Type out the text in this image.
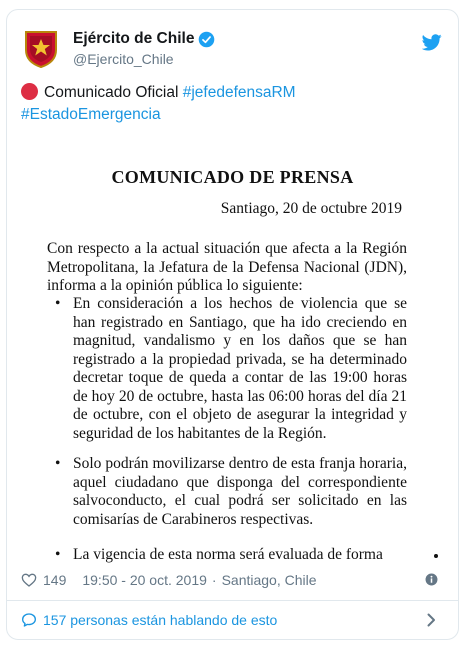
Ejército de Chile
@Ejercito_Chile
Comunicado Oficial #jefedefensaRM
#EstadoEmergencia
COMUNICADO DE PRENSA
Santiago, 20 de octubre 2019
Con respecto a la actual situación que afecta a la Región Metropolitana, la Jefatura de la Defensa Nacional (JDN), informa a la opinión pública lo siguiente:
• En consideración a los hechos de violencia que se han registrado en Santiago, que ha ido creciendo en magnitud, vandalismo y en los daños que se han registrado a la propiedad privada, se ha determinado decretar toque de queda a contar de las 19:00 horas de hoy 20 de octubre, hasta las 06:00 horas del día 21 de octubre, con el objeto de asegurar la integridad y seguridad de los habitantes de la Región.
• Solo podrán movilizarse dentro de esta franja horaria, aquel ciudadano que disponga del correspondiente salvoconducto, el cual podrá ser solicitado en las comisarías de Carabineros respectivas.
• La vigencia de esta norma será evaluada de forma
149 19:50 - 20 oct. 2019 · Santiago, Chile
157 personas están hablando de esto
